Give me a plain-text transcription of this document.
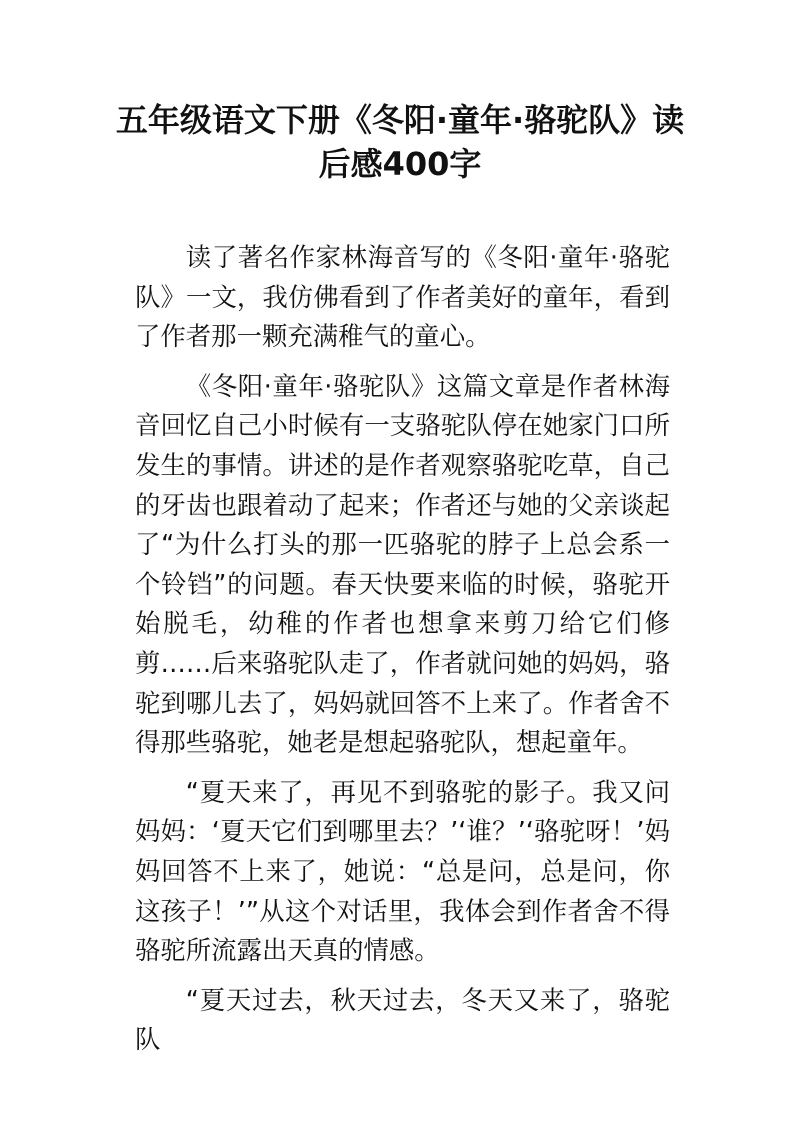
五年级语文下册《冬阳·童年·骆驼队》读后感400字

读了著名作家林海音写的《冬阳·童年·骆驼队》一文，我仿佛看到了作者美好的童年，看到了作者那一颗充满稚气的童心。

《冬阳·童年·骆驼队》这篇文章是作者林海音回忆自己小时候有一支骆驼队停在她家门口所发生的事情。讲述的是作者观察骆驼吃草，自己的牙齿也跟着动了起来；作者还与她的父亲谈起了“为什么打头的那一匹骆驼的脖子上总会系一个铃铛”的问题。春天快要来临的时候，骆驼开始脱毛，幼稚的作者也想拿来剪刀给它们修剪……后来骆驼队走了，作者就问她的妈妈，骆驼到哪儿去了，妈妈就回答不上来了。作者舍不得那些骆驼，她老是想起骆驼队，想起童年。

“夏天来了，再见不到骆驼的影子。我又问妈妈：‘夏天它们到哪里去？’‘谁？’‘骆驼呀！’妈妈回答不上来了，她说：“总是问，总是问，你这孩子！’”从这个对话里，我体会到作者舍不得骆驼所流露出天真的情感。

“夏天过去，秋天过去，冬天又来了，骆驼队
